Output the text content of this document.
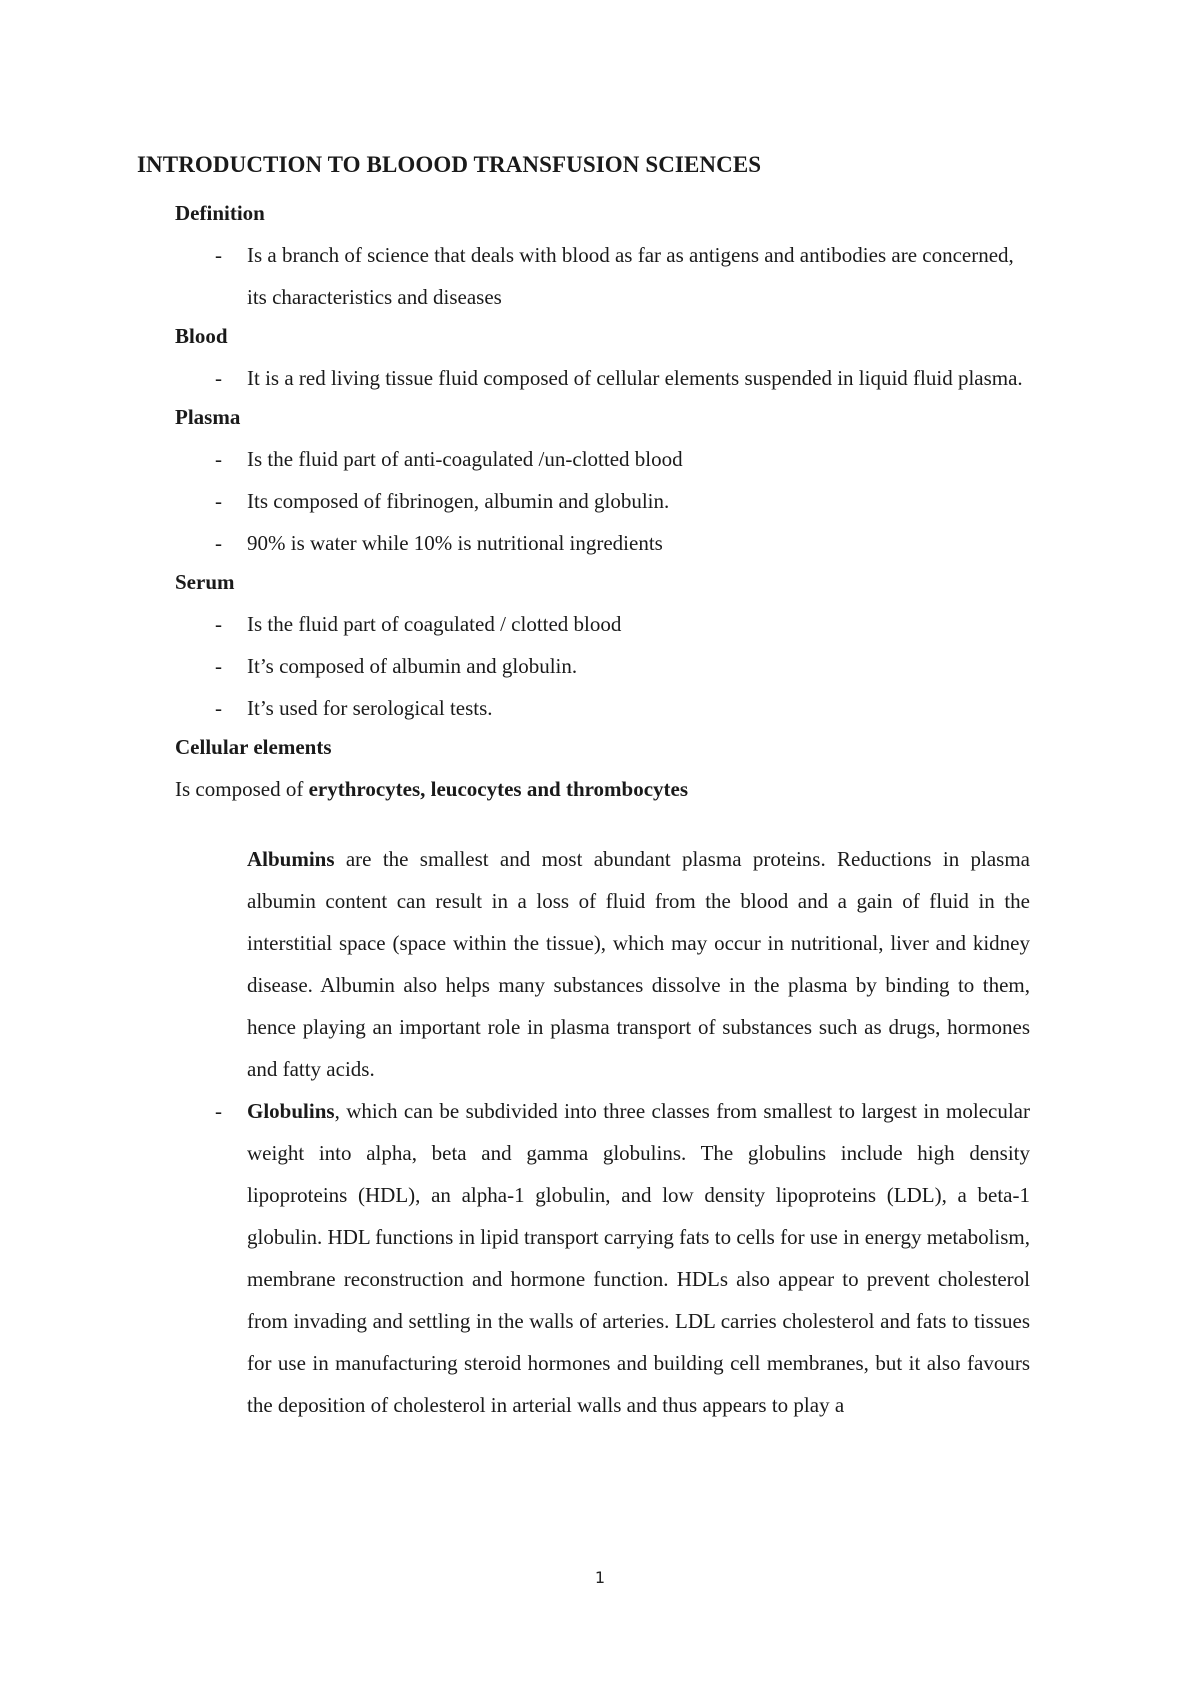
INTRODUCTION TO BLOOOD TRANSFUSION SCIENCES
Definition
- Is a branch of science that deals with blood as far as antigens and antibodies are concerned, its characteristics and diseases
Blood
- It is a red living tissue fluid composed of cellular elements suspended in liquid fluid plasma.
Plasma
- Is the fluid part of anti-coagulated /un-clotted blood
- Its composed of fibrinogen, albumin and globulin.
- 90% is water while 10% is nutritional ingredients
Serum
- Is the fluid part of coagulated / clotted blood
- It’s composed of albumin and globulin.
- It’s used for serological tests.
Cellular elements
Is composed of erythrocytes, leucocytes and thrombocytes
Albumins are the smallest and most abundant plasma proteins. Reductions in plasma albumin content can result in a loss of fluid from the blood and a gain of fluid in the interstitial space (space within the tissue), which may occur in nutritional, liver and kidney disease. Albumin also helps many substances dissolve in the plasma by binding to them, hence playing an important role in plasma transport of substances such as drugs, hormones and fatty acids.
- Globulins, which can be subdivided into three classes from smallest to largest in molecular weight into alpha, beta and gamma globulins. The globulins include high density lipoproteins (HDL), an alpha-1 globulin, and low density lipoproteins (LDL), a beta-1 globulin. HDL functions in lipid transport carrying fats to cells for use in energy metabolism, membrane reconstruction and hormone function. HDLs also appear to prevent cholesterol from invading and settling in the walls of arteries. LDL carries cholesterol and fats to tissues for use in manufacturing steroid hormones and building cell membranes, but it also favours the deposition of cholesterol in arterial walls and thus appears to play a
1
